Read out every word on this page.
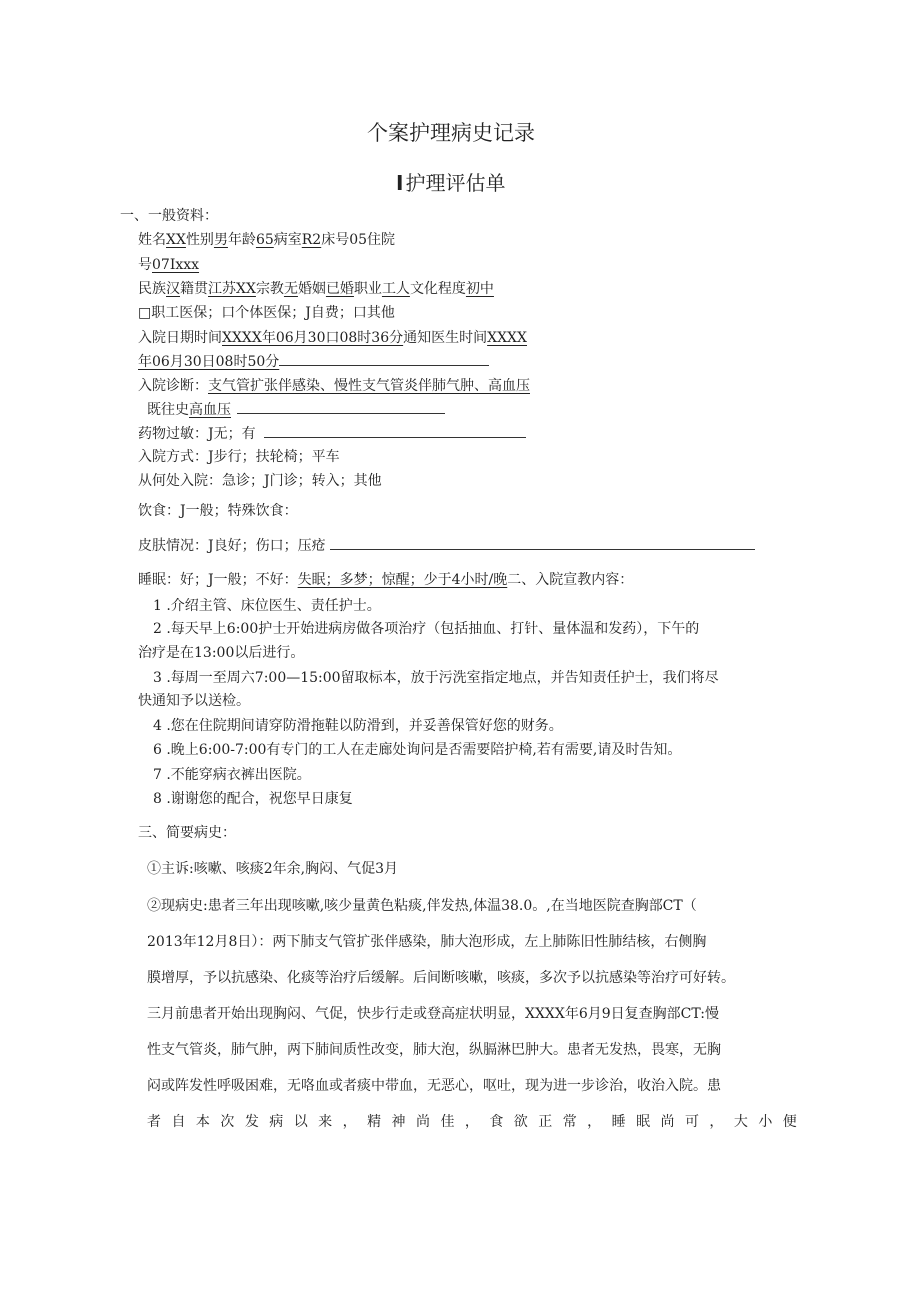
个案护理病史记录
I 护理评估单
一、一般资料：
姓名XX性别男年龄65病室R2床号05住院
号07Ixxx
民族汉籍贯江苏XX宗教无婚姻已婚职业工人文化程度初中
□职工医保；口个体医保；J自费；口其他
入院日期时间XXXX年06月30口08时36分通知医生时间XXXX
年06月30日08时50分
入院诊断：支气管扩张伴感染、慢性支气管炎伴肺气肿、高血压
既往史高血压
药物过敏：J无；有
入院方式：J步行；扶轮椅；平车
从何处入院：急诊；J门诊；转入；其他
饮食：J一般；特殊饮食：
皮肤情况：J良好；伤口；压疮
睡眠：好；J一般；不好：失眠；多梦；惊醒；少于4小时/晚二、入院宣教内容：
1 .介绍主管、床位医生、责任护士。
2 .每天早上6:00护士开始进病房做各项治疗（包括抽血、打针、量体温和发药），下午的
治疗是在13:00以后进行。
3 .每周一至周六7:00—15:00留取标本，放于污洗室指定地点，并告知责任护士，我们将尽
快通知予以送检。
4 .您在住院期间请穿防滑拖鞋以防滑到，并妥善保管好您的财务。
6 .晚上6:00-7:00有专门的工人在走廊处询问是否需要陪护椅,若有需要,请及时告知。
7 .不能穿病衣裤出医院。
8 .谢谢您的配合，祝您早日康复
三、简要病史：
①主诉:咳嗽、咳痰2年余,胸闷、气促3月
②现病史:患者三年出现咳嗽,咳少量黄色粘痰,伴发热,体温38.0。,在当地医院查胸部CT（
2013年12月8日）：两下肺支气管扩张伴感染，肺大泡形成，左上肺陈旧性肺结核，右侧胸
膜增厚，予以抗感染、化痰等治疗后缓解。后间断咳嗽，咳痰，多次予以抗感染等治疗可好转。
三月前患者开始出现胸闷、气促，快步行走或登高症状明显，XXXX年6月9日复查胸部CT:慢
性支气管炎，肺气肿，两下肺间质性改变，肺大泡，纵膈淋巴肿大。患者无发热，畏寒，无胸
闷或阵发性呼吸困难，无咯血或者痰中带血，无恶心，呕吐，现为进一步诊治，收治入院。患
者 自 本 次 发 病 以 来 ， 精 神 尚 佳 ， 食 欲 正 常 ， 睡 眠 尚 可 ， 大 小 便
